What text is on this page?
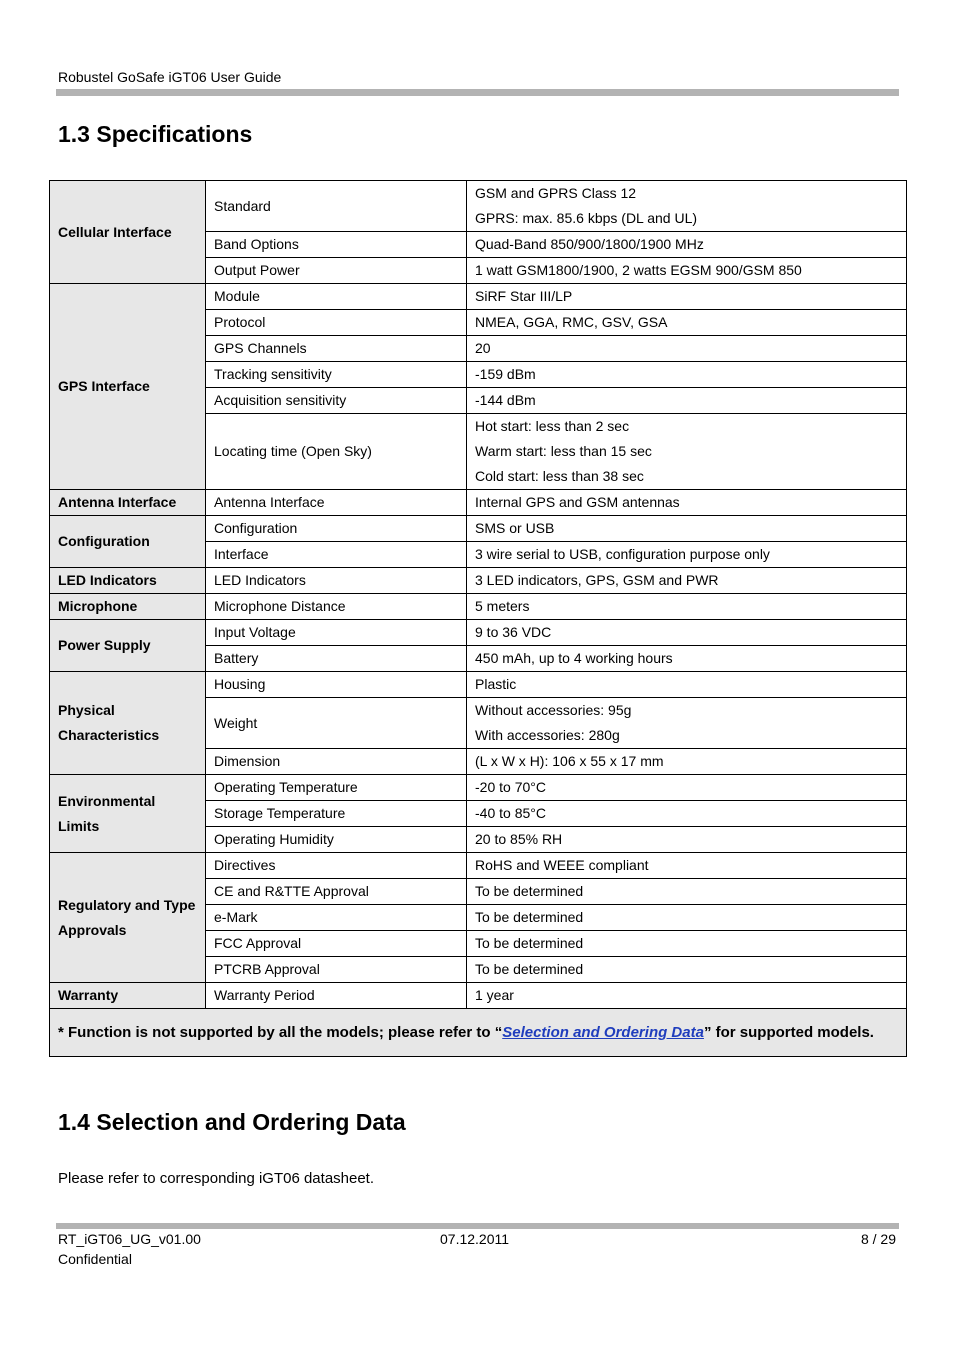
Robustel GoSafe iGT06 User Guide
1.3 Specifications
Cellular Interface	Standard	GSM and GPRS Class 12
GPRS: max. 85.6 kbps (DL and UL)

	Band Options	Quad-Band 850/900/1800/1900 MHz

	Output Power	1 watt GSM1800/1900, 2 watts EGSM 900/GSM 850

GPS Interface	Module	SiRF Star III/LP

	Protocol	NMEA, GGA, RMC, GSV, GSA

	GPS Channels	20

	Tracking sensitivity	-159 dBm

	Acquisition sensitivity	-144 dBm

	Locating time (Open Sky)	Hot start: less than 2 sec
Warm start: less than 15 sec
Cold start: less than 38 sec

Antenna Interface	Antenna Interface	Internal GPS and GSM antennas

Configuration	Configuration	SMS or USB

	Interface	3 wire serial to USB, configuration purpose only

LED Indicators	LED Indicators	3 LED indicators, GPS, GSM and PWR

Microphone	Microphone Distance	5 meters

Power Supply	Input Voltage	9 to 36 VDC

	Battery	450 mAh, up to 4 working hours

Physical Characteristics	Housing	Plastic

	Weight	Without accessories: 95g
With accessories: 280g

	Dimension	(L x W x H): 106 x 55 x 17 mm

Environmental Limits	Operating Temperature	-20 to 70°C

	Storage Temperature	-40 to 85°C

	Operating Humidity	20 to 85% RH

Regulatory and Type Approvals	Directives	RoHS and WEEE compliant

	CE and R&TTE Approval	To be determined

	e-Mark	To be determined

	FCC Approval	To be determined

	PTCRB Approval	To be determined

Warranty	Warranty Period	1 year

* Function is not supported by all the models; please refer to “Selection and Ordering Data” for supported models.		
1.4 Selection and Ordering Data
Please refer to corresponding iGT06 datasheet.
RT_iGT06_UG_v01.00
Confidential
07.12.2011	8 / 29
